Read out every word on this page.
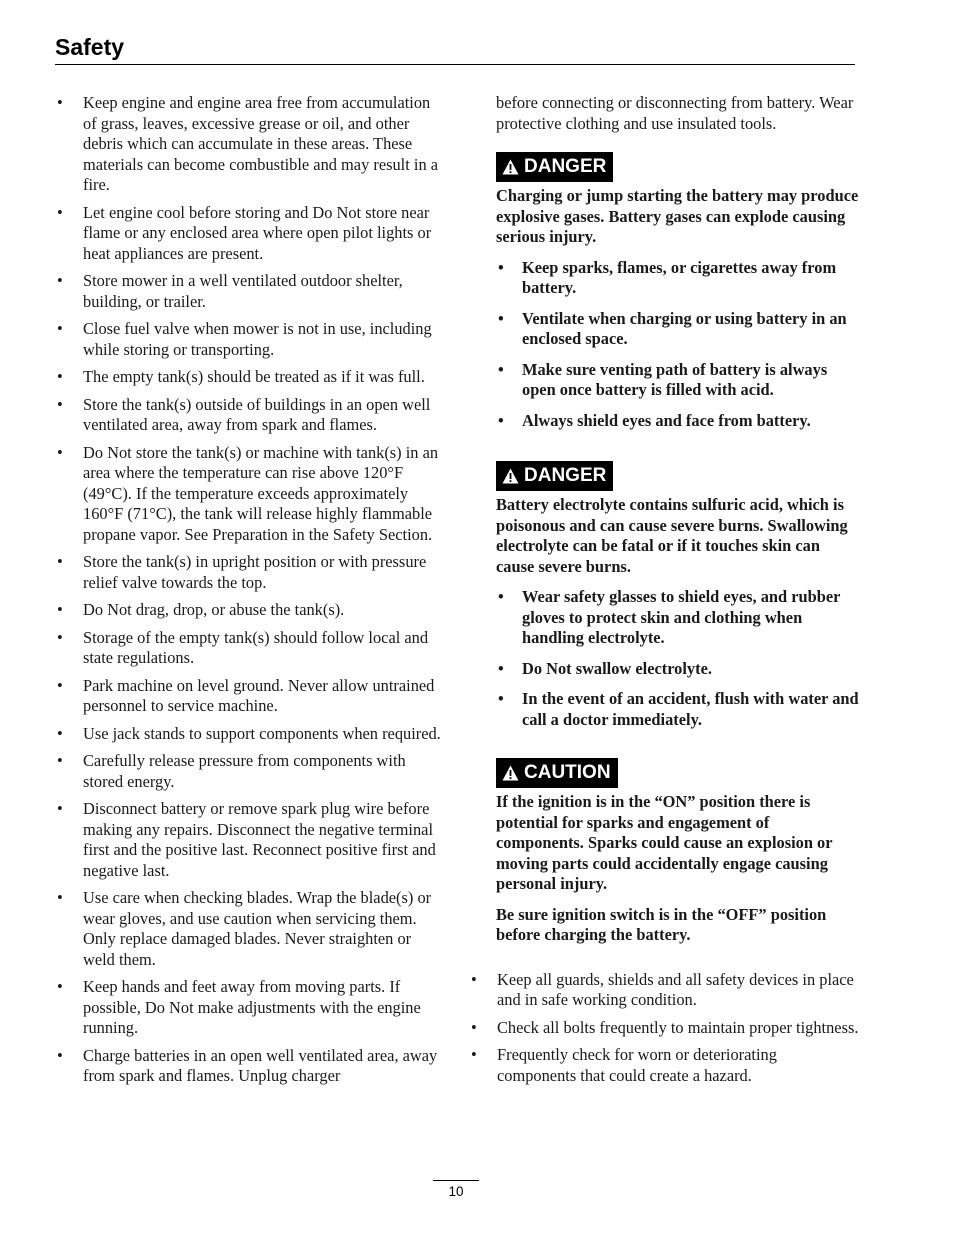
Safety
• Keep engine and engine area free from accumulation of grass, leaves, excessive grease or oil, and other debris which can accumulate in these areas. These materials can become combustible and may result in a fire.
• Let engine cool before storing and Do Not store near flame or any enclosed area where open pilot lights or heat appliances are present.
• Store mower in a well ventilated outdoor shelter, building, or trailer.
• Close fuel valve when mower is not in use, including while storing or transporting.
• The empty tank(s) should be treated as if it was full.
• Store the tank(s) outside of buildings in an open well ventilated area, away from spark and flames.
• Do Not store the tank(s) or machine with tank(s) in an area where the temperature can rise above 120°F (49°C). If the temperature exceeds approximately 160°F (71°C), the tank will release highly flammable propane vapor. See Preparation in the Safety Section.
• Store the tank(s) in upright position or with pressure relief valve towards the top.
• Do Not drag, drop, or abuse the tank(s).
• Storage of the empty tank(s) should follow local and state regulations.
• Park machine on level ground. Never allow untrained personnel to service machine.
• Use jack stands to support components when required.
• Carefully release pressure from components with stored energy.
• Disconnect battery or remove spark plug wire before making any repairs. Disconnect the negative terminal first and the positive last. Reconnect positive first and negative last.
• Use care when checking blades. Wrap the blade(s) or wear gloves, and use caution when servicing them. Only replace damaged blades. Never straighten or weld them.
• Keep hands and feet away from moving parts. If possible, Do Not make adjustments with the engine running.
• Charge batteries in an open well ventilated area, away from spark and flames. Unplug charger

before connecting or disconnecting from battery. Wear protective clothing and use insulated tools.

DANGER

Charging or jump starting the battery may produce explosive gases. Battery gases can explode causing serious injury.

• Keep sparks, flames, or cigarettes away from battery.
• Ventilate when charging or using battery in an enclosed space.
• Make sure venting path of battery is always open once battery is filled with acid.
• Always shield eyes and face from battery.
DANGER

Battery electrolyte contains sulfuric acid, which is poisonous and can cause severe burns. Swallowing electrolyte can be fatal or if it touches skin can cause severe burns.

• Wear safety glasses to shield eyes, and rubber gloves to protect skin and clothing when handling electrolyte.
• Do Not swallow electrolyte.
• In the event of an accident, flush with water and call a doctor immediately.
CAUTION

If the ignition is in the “ON” position there is potential for sparks and engagement of components. Sparks could cause an explosion or moving parts could accidentally engage causing personal injury.

Be sure ignition switch is in the “OFF” position before charging the battery.

• Keep all guards, shields and all safety devices in place and in safe working condition.
• Check all bolts frequently to maintain proper tightness.
• Frequently check for worn or deteriorating components that could create a hazard.
10
